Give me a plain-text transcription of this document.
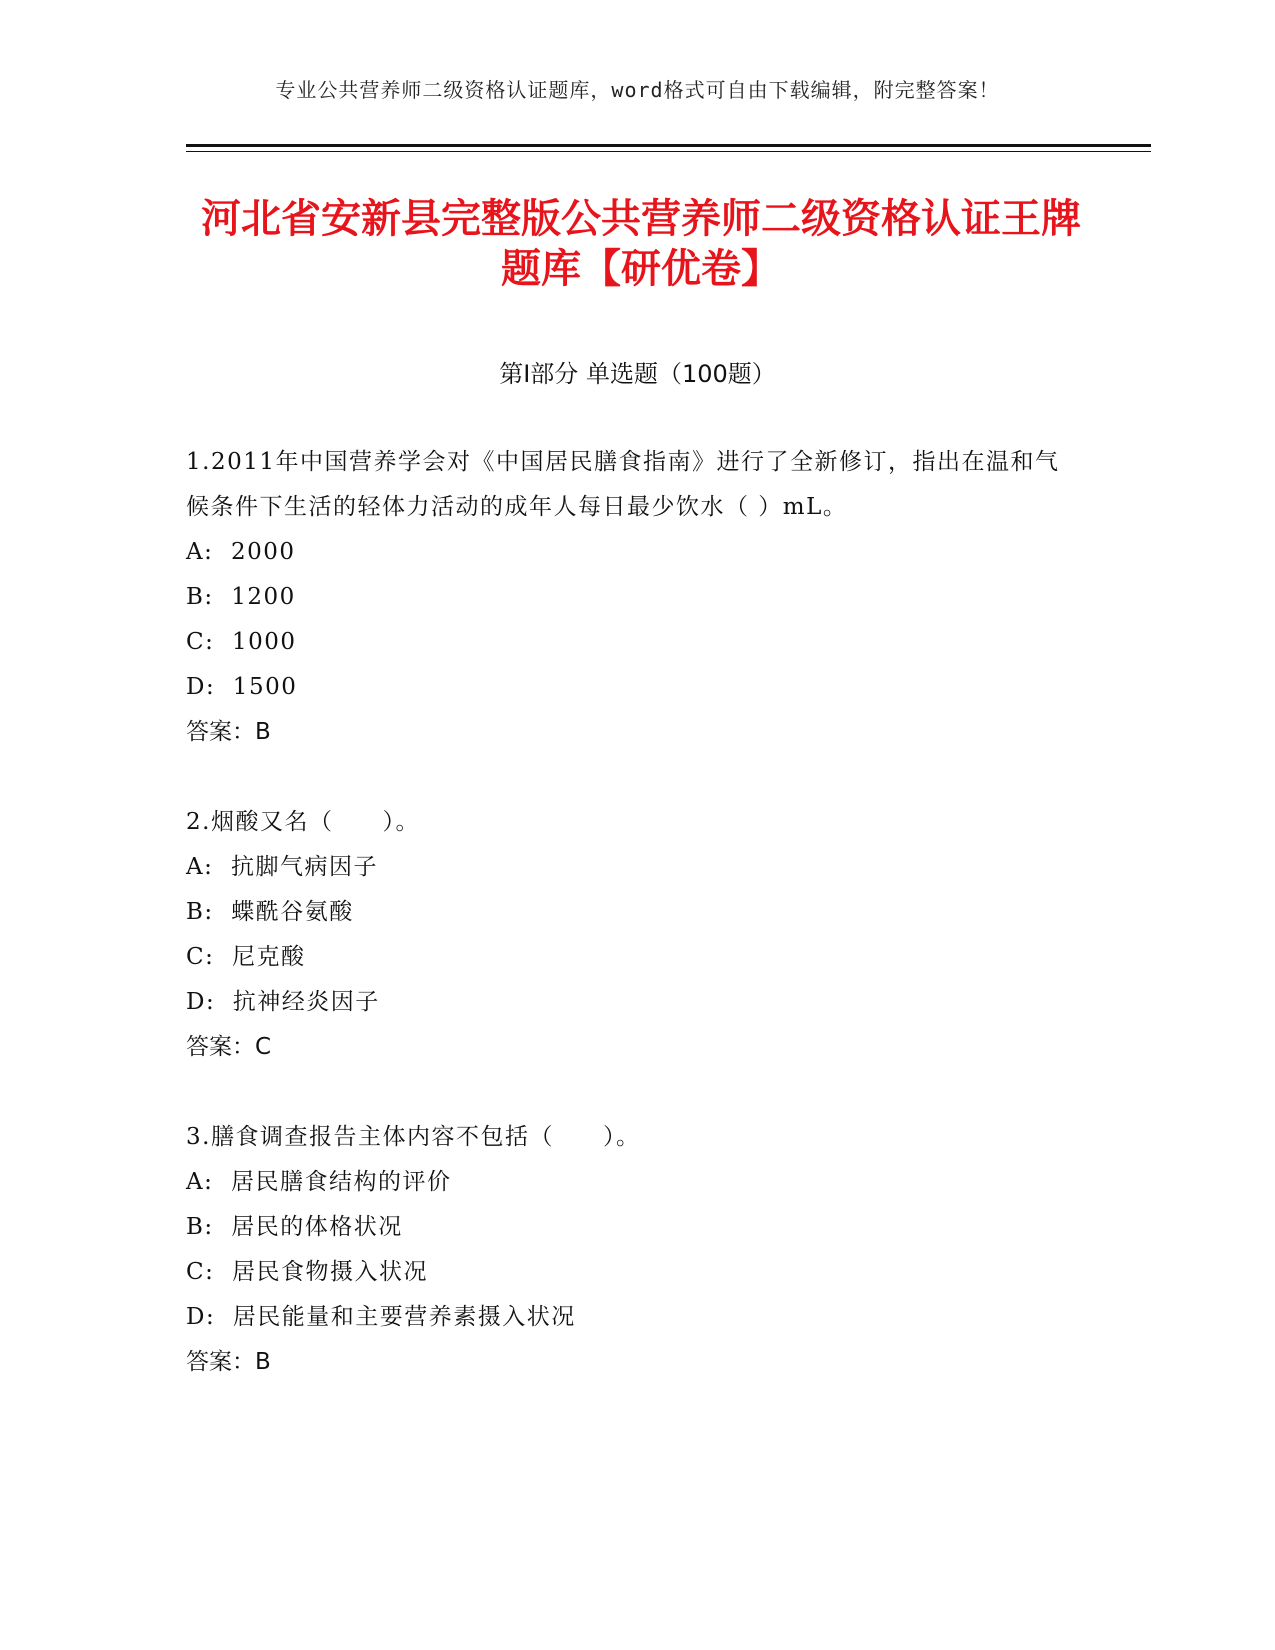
专业公共营养师二级资格认证题库，word格式可自由下载编辑，附完整答案！
河北省安新县完整版公共营养师二级资格认证王牌题库【研优卷】
第Ⅰ部分 单选题（100题）

1.2011年中国营养学会对《中国居民膳食指南》进行了全新修订，指出在温和气候条件下生活的轻体力活动的成年人每日最少饮水（ ）mL。

A:  2000

B:  1200

C:  1000

D:  1500

答案：B

2.烟酸又名（　　）。

A:  抗脚气病因子

B:  蝶酰谷氨酸

C:  尼克酸

D:  抗神经炎因子

答案：C

3.膳食调查报告主体内容不包括（　　）。

A:  居民膳食结构的评价

B:  居民的体格状况

C:  居民食物摄入状况

D:  居民能量和主要营养素摄入状况

答案：B
